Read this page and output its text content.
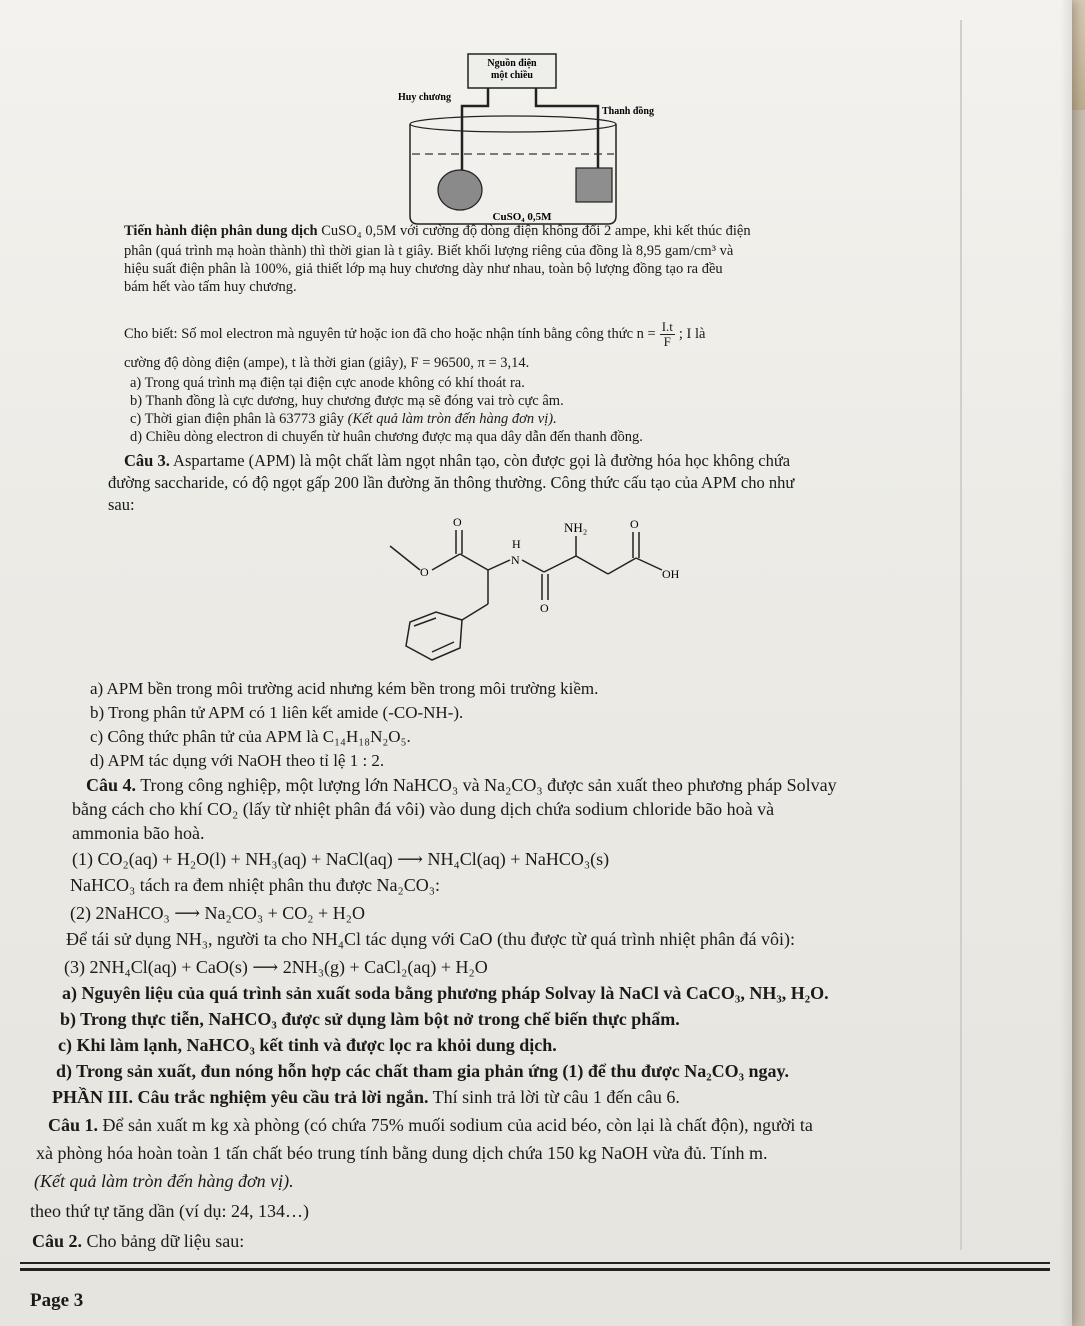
Nguồn điện
một chiều
Huy chương
Thanh đồng
CuSO₄ 0,5M
Tiến hành điện phân dung dịch CuSO₄ 0,5M với cường độ dòng điện không đổi 2 ampe, khi kết thúc điện
phân (quá trình mạ hoàn thành) thì thời gian là t giây. Biết khối lượng riêng của đồng là 8,95 gam/cm³ và
hiệu suất điện phân là 100%, giả thiết lớp mạ huy chương dày như nhau, toàn bộ lượng đồng tạo ra đều
bám hết vào tấm huy chương.
Cho biết: Số mol electron mà nguyên tử hoặc ion đã cho hoặc nhận tính bằng công thức $n = \frac{I.t}{F}$ ; I là
cường độ dòng điện (ampe), t là thời gian (giây), F = 96500, π = 3,14.
a) Trong quá trình mạ điện tại điện cực anode không có khí thoát ra.
b) Thanh đồng là cực dương, huy chương được mạ sẽ đóng vai trò cực âm.
c) Thời gian điện phân là 63773 giây (Kết quả làm tròn đến hàng đơn vị).
d) Chiều dòng electron di chuyển từ huân chương được mạ qua dây dẫn đến thanh đồng.
Câu 3. Aspartame (APM) là một chất làm ngọt nhân tạo, còn được gọi là đường hóa học không chứa
đường saccharide, có độ ngọt gấp 200 lần đường ăn thông thường. Công thức cấu tạo của APM cho như
sau:
O
O
H
N
NH₂	O
OH
O
a) APM bền trong môi trường acid nhưng kém bền trong môi trường kiềm.
b) Trong phân tử APM có 1 liên kết amide (-CO-NH-).
c) Công thức phân tử của APM là C₁₄H₁₈N₂O₅.
d) APM tác dụng với NaOH theo tỉ lệ 1 : 2.
Câu 4. Trong công nghiệp, một lượng lớn NaHCO₃ và Na₂CO₃ được sản xuất theo phương pháp Solvay
bằng cách cho khí CO₂ (lấy từ nhiệt phân đá vôi) vào dung dịch chứa sodium chloride bão hoà và
ammonia bão hoà.
(1) CO₂(aq) + H₂O(l) + NH₃(aq) + NaCl(aq) ⟶ NH₄Cl(aq) + NaHCO₃(s)
NaHCO₃ tách ra đem nhiệt phân thu được Na₂CO₃:
(2) 2NaHCO₃ ⟶ Na₂CO₃ + CO₂ + H₂O
Để tái sử dụng NH₃, người ta cho NH₄Cl tác dụng với CaO (thu được từ quá trình nhiệt phân đá vôi):
(3) 2NH₄Cl(aq) + CaO(s) ⟶ 2NH₃(g) + CaCl₂(aq) + H₂O
a) Nguyên liệu của quá trình sản xuất soda bằng phương pháp Solvay là NaCl và CaCO₃, NH₃, H₂O.
b) Trong thực tiễn, NaHCO₃ được sử dụng làm bột nở trong chế biến thực phẩm.
c) Khi làm lạnh, NaHCO₃ kết tinh và được lọc ra khỏi dung dịch.
d) Trong sản xuất, đun nóng hỗn hợp các chất tham gia phản ứng (1) để thu được Na₂CO₃ ngay.
PHẦN III. Câu trắc nghiệm yêu cầu trả lời ngắn. Thí sinh trả lời từ câu 1 đến câu 6.
Câu 1. Để sản xuất m kg xà phòng (có chứa 75% muối sodium của acid béo, còn lại là chất độn), người ta
xà phòng hóa hoàn toàn 1 tấn chất béo trung tính bằng dung dịch chứa 150 kg NaOH vừa đủ. Tính m.
(Kết quả làm tròn đến hàng đơn vị).
theo thứ tự tăng dần (ví dụ: 24, 134…)
Câu 2. Cho bảng dữ liệu sau:
Page 3
